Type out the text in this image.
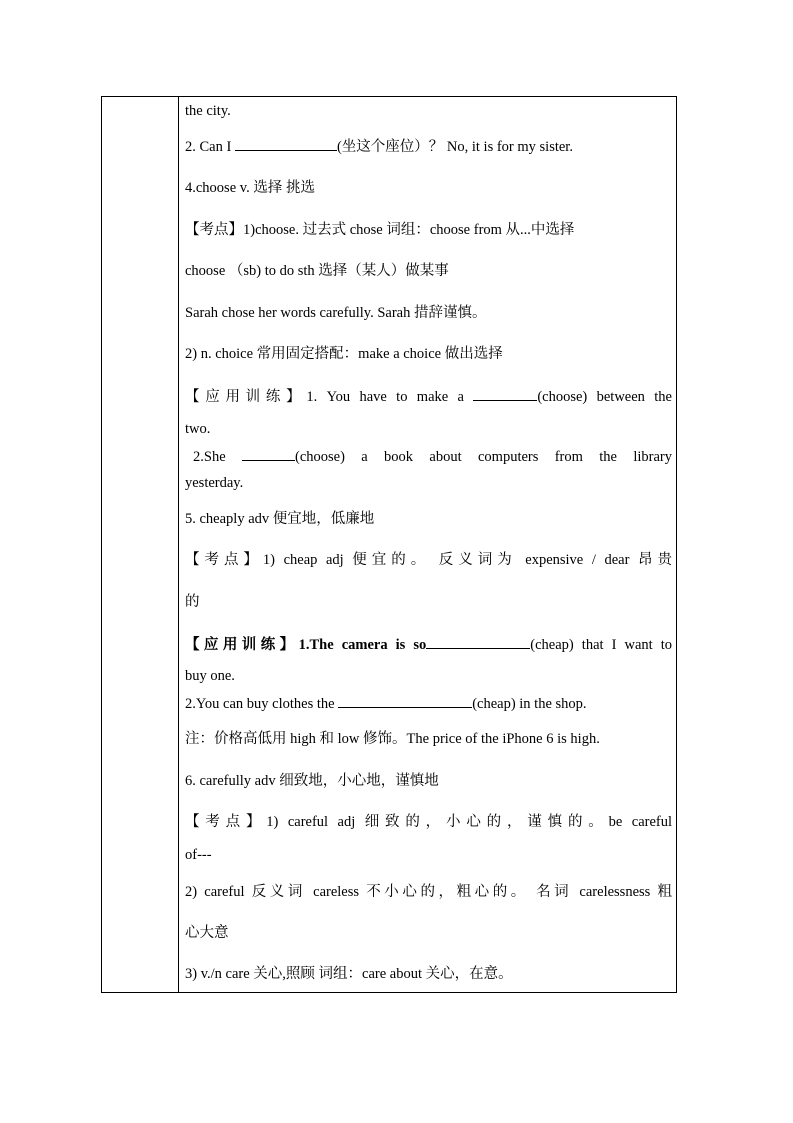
the city.
2. Can I	(坐这个座位）？ No, it is for my sister.
4.choose v. 选择 挑选
【考点】1)choose. 过去式 chose 词组：choose from 从...中选择
choose （sb) to do sth 选择（某人）做某事
Sarah chose her words carefully. Sarah 措辞谨慎。
2) n. choice 常用固定搭配：make a choice 做出选择
【应用训练】1. You have to make a	(choose) between the
two.
2.She	(choose) a book about computers from the library
yesterday.
5. cheaply adv 便宜地，低廉地
【考点】1) cheap adj 便宜的。 反义词为 expensive / dear 昂贵
的
【应用训练】1.The camera is so	(cheap) that I want to
buy one.
2.You can buy clothes the	(cheap) in the shop.
注：价格高低用 high 和 low 修饰。The price of the iPhone 6 is high.
6. carefully adv 细致地，小心地，谨慎地
【考点】1) careful adj 细致的，小心的，谨慎的。be careful
of---
2) careful 反义词 careless 不小心的，粗心的。 名词 carelessness 粗
心大意
3) v./n care 关心,照顾 词组：care about 关心，在意。
